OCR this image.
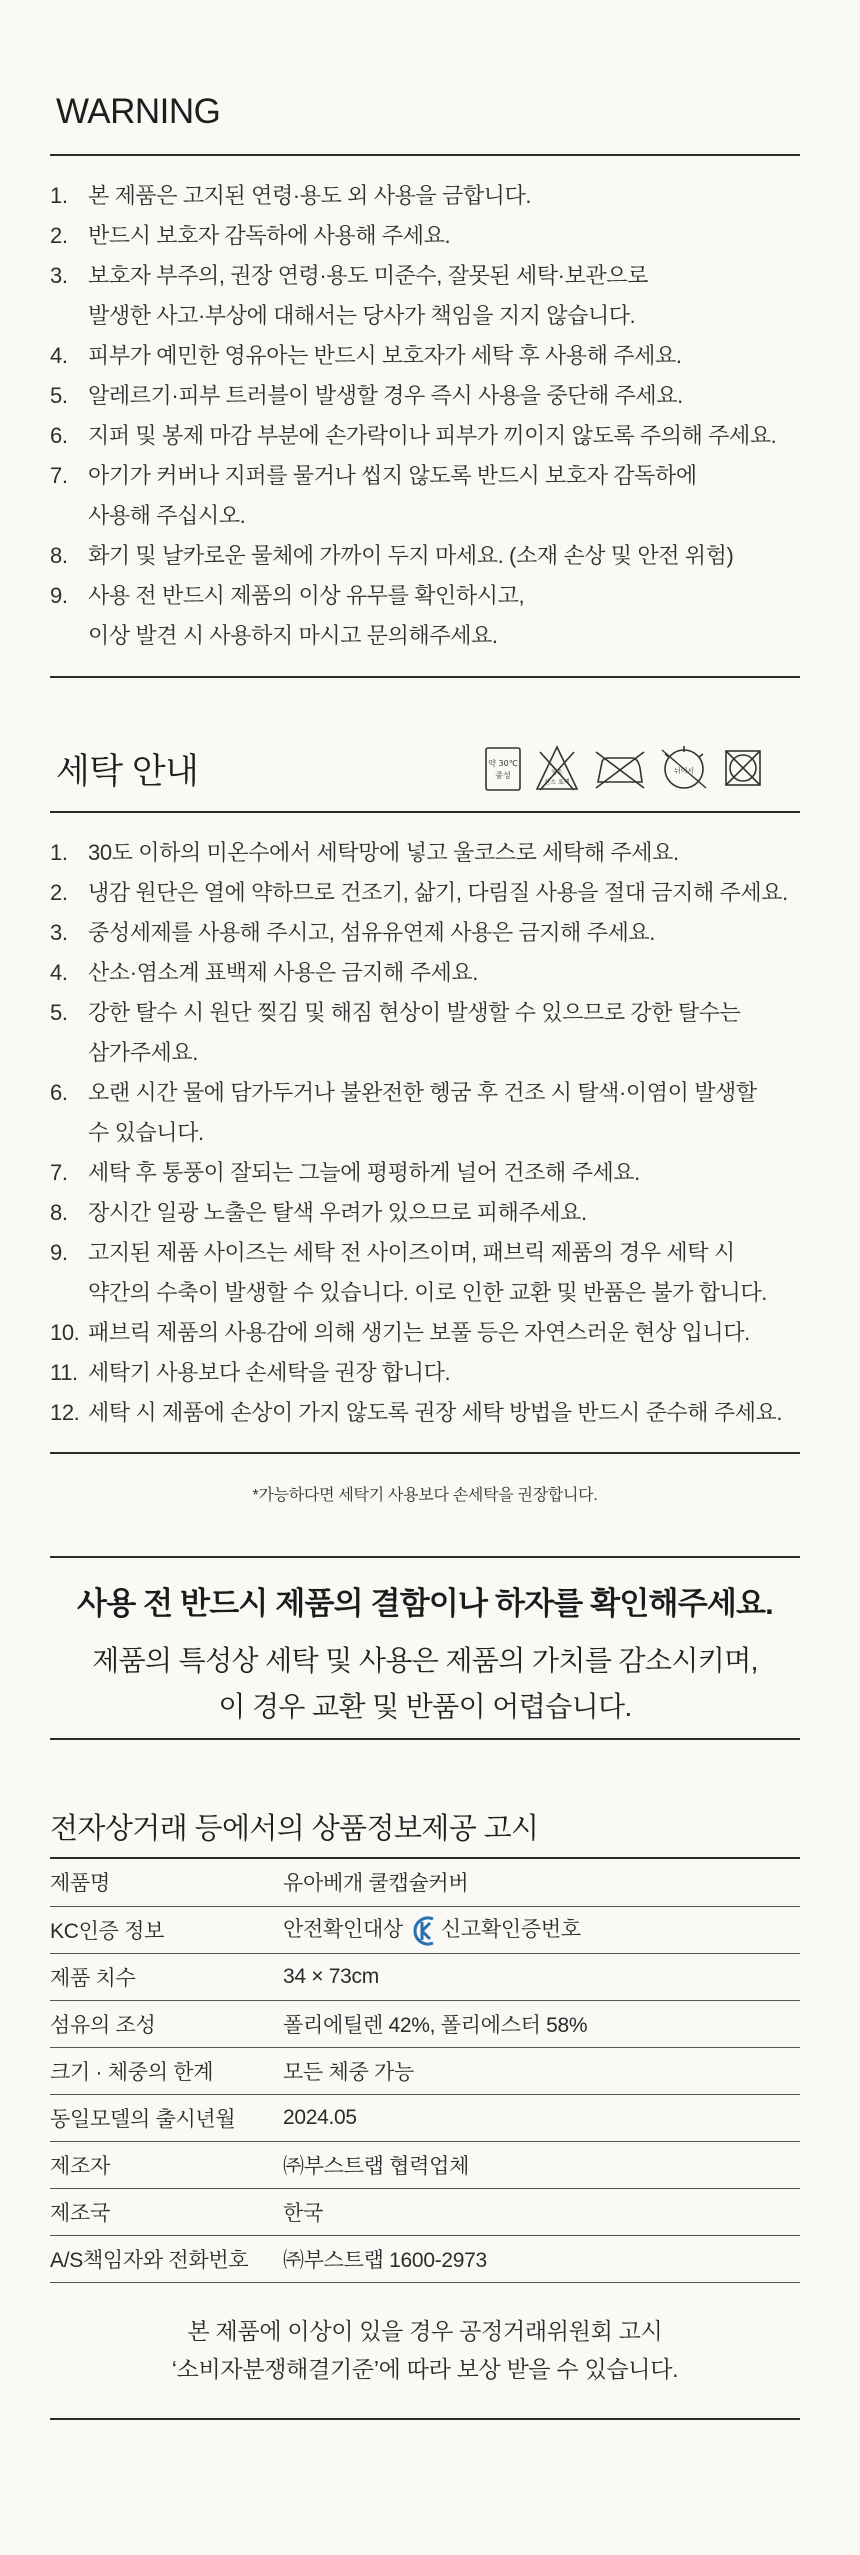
WARNING
1. 본 제품은 고지된 연령·용도 외 사용을 금합니다.
2. 반드시 보호자 감독하에 사용해 주세요.
3. 보호자 부주의, 권장 연령·용도 미준수, 잘못된 세탁·보관으로
발생한 사고·부상에 대해서는 당사가 책임을 지지 않습니다.
4. 피부가 예민한 영유아는 반드시 보호자가 세탁 후 사용해 주세요.
5. 알레르기·피부 트러블이 발생할 경우 즉시 사용을 중단해 주세요.
6. 지퍼 및 봉제 마감 부분에 손가락이나 피부가 끼이지 않도록 주의해 주세요.
7. 아기가 커버나 지퍼를 물거나 씹지 않도록 반드시 보호자 감독하에
사용해 주십시오.
8. 화기 및 날카로운 물체에 가까이 두지 마세요. (소재 손상 및 안전 위험)
9. 사용 전 반드시 제품의 이상 유무를 확인하시고,
이상 발견 시 사용하지 마시고 문의해주세요.
세탁 안내	약 30℃
중성	염소
산소 표백
뉘어서
1. 30도 이하의 미온수에서 세탁망에 넣고 울코스로 세탁해 주세요.
2. 냉감 원단은 열에 약하므로 건조기, 삶기, 다림질 사용을 절대 금지해 주세요.
3. 중성세제를 사용해 주시고, 섬유유연제 사용은 금지해 주세요.
4. 산소·염소계 표백제 사용은 금지해 주세요.
5. 강한 탈수 시 원단 찢김 및 해짐 현상이 발생할 수 있으므로 강한 탈수는
삼가주세요.
6. 오랜 시간 물에 담가두거나 불완전한 헹굼 후 건조 시 탈색·이염이 발생할
수 있습니다.
7. 세탁 후 통풍이 잘되는 그늘에 평평하게 널어 건조해 주세요.
8. 장시간 일광 노출은 탈색 우려가 있으므로 피해주세요.
9. 고지된 제품 사이즈는 세탁 전 사이즈이며, 패브릭 제품의 경우 세탁 시
약간의 수축이 발생할 수 있습니다. 이로 인한 교환 및 반품은 불가 합니다.
10. 패브릭 제품의 사용감에 의해 생기는 보풀 등은 자연스러운 현상 입니다.
11. 세탁기 사용보다 손세탁을 권장 합니다.
12. 세탁 시 제품에 손상이 가지 않도록 권장 세탁 방법을 반드시 준수해 주세요.
*가능하다면 세탁기 사용보다 손세탁을 권장합니다.
사용 전 반드시 제품의 결함이나 하자를 확인해주세요.
제품의 특성상 세탁 및 사용은 제품의 가치를 감소시키며,
이 경우 교환 및 반품이 어렵습니다.
전자상거래 등에서의 상품정보제공 고시
제품명	유아베개 쿨캡슐커버
KC인증 정보	안전확인대상 신고확인증번호
제품 치수	34 × 73cm
섬유의 조성	폴리에틸렌 42%, 폴리에스터 58%
크기 · 체중의 한계	모든 체중 가능
동일모델의 출시년월	2024.05
제조자	㈜부스트랩 협력업체
제조국	한국
A/S책임자와 전화번호	㈜부스트랩 1600-2973
본 제품에 이상이 있을 경우 공정거래위원회 고시
‘소비자분쟁해결기준’에 따라 보상 받을 수 있습니다.
